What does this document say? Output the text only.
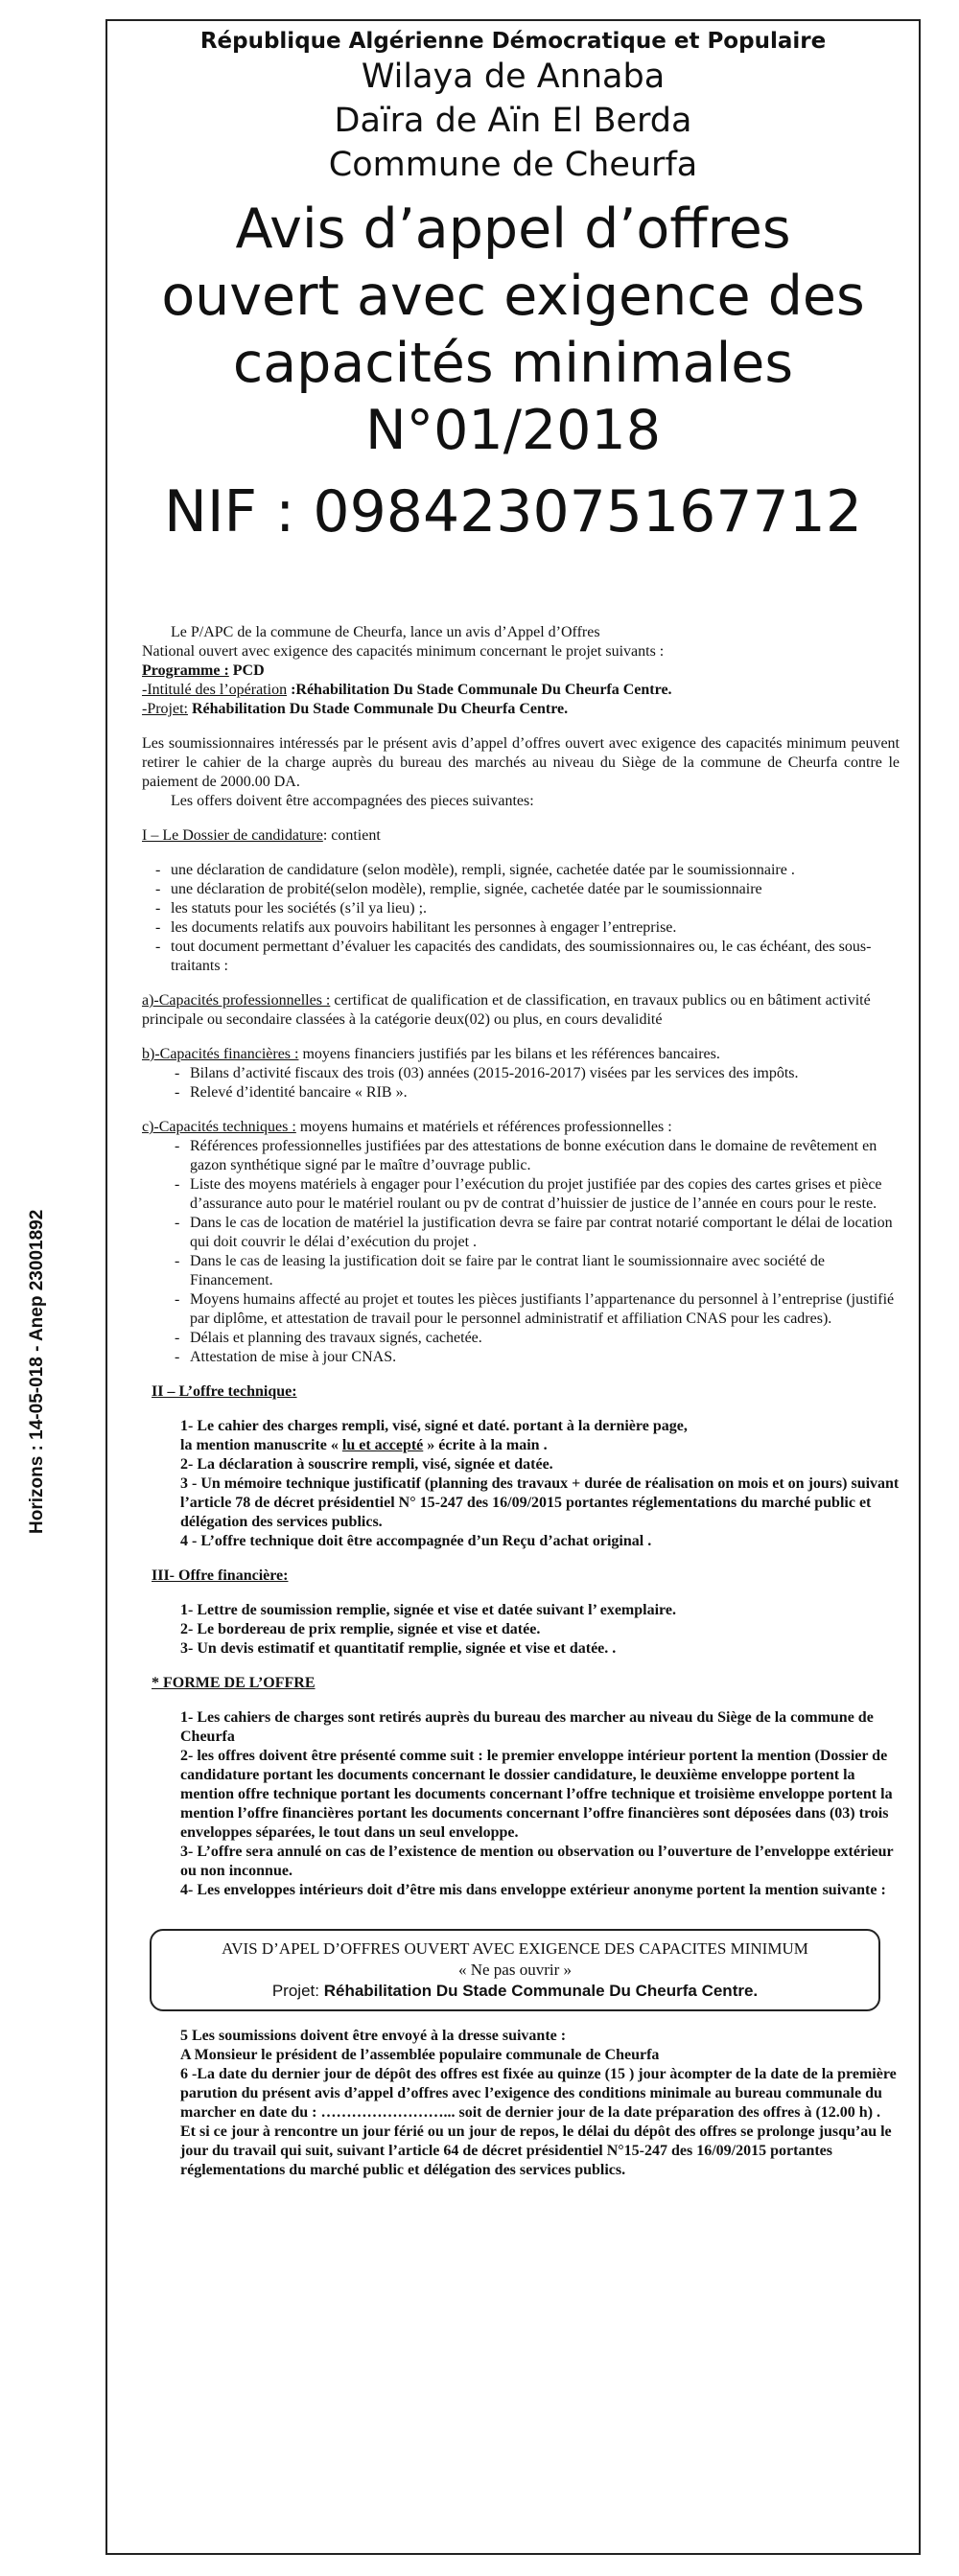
Horizons : 14-05-018 - Anep 23001892

République Algérienne Démocratique et Populaire

Wilaya de Annaba

Daïra de Aïn El Berda

Commune de Cheurfa

Avis d’appel d’offres

ouvert avec exigence des

capacités minimales

N°01/2018

NIF : 098423075167712

Le P/APC de la commune de Cheurfa, lance un avis d’Appel d’Offres

National ouvert avec exigence des capacités minimum concernant le projet suivants :

Programme : PCD

-Intitulé des l’opération :Réhabilitation Du Stade Communale Du Cheurfa Centre.

-Projet: Réhabilitation Du Stade Communale Du Cheurfa Centre.

Les soumissionnaires intéressés par le présent avis d’appel d’offres ouvert avec exigence des capacités minimum peuvent retirer le cahier de la charge auprès du bureau des marchés au niveau du Siège de la commune de Cheurfa contre le paiement de 2000.00 DA.

Les offers doivent être accompagnées des pieces suivantes:

I – Le Dossier de candidature: contient

- une déclaration de candidature (selon modèle), rempli, signée, cachetée datée par le soumissionnaire .
- une déclaration de probité(selon modèle), remplie, signée, cachetée datée par le soumissionnaire
- les statuts pour les sociétés (s’il ya lieu) ;.
- les documents relatifs aux pouvoirs habilitant les personnes à engager l’entreprise.
- tout document permettant d’évaluer les capacités des candidats, des soumissionnaires ou, le cas échéant, des sous-traitants :

a)-Capacités professionnelles : certificat de qualification et de classification, en travaux publics ou en bâtiment activité principale ou secondaire classées à la catégorie deux(02) ou plus, en cours devalidité

b)-Capacités financières : moyens financiers justifiés par les bilans et les références bancaires.

- Bilans d’activité fiscaux des trois (03) années (2015-2016-2017) visées par les services des impôts.
- Relevé d’identité bancaire « RIB ».

c)-Capacités techniques : moyens humains et matériels et références professionnelles :

- Références professionnelles justifiées par des attestations de bonne exécution dans le domaine de revêtement en gazon synthétique signé par le maître d’ouvrage public.
- Liste des moyens matériels à engager pour l’exécution du projet justifiée par des copies des cartes grises et pièce d’assurance auto pour le matériel roulant ou pv de contrat d’huissier de justice de l’année en cours pour le reste.
- Dans le cas de location de matériel la justification devra se faire par contrat notarié comportant le délai de location qui doit couvrir le délai d’exécution du projet .
- Dans le cas de leasing la justification doit se faire par le contrat liant le soumissionnaire avec société de Financement.
- Moyens humains affecté au projet et toutes les pièces justifiants l’appartenance du personnel à l’entreprise (justifié par diplôme, et attestation de travail pour le personnel administratif et affiliation CNAS pour les cadres).
- Délais et planning des travaux signés, cachetée.
- Attestation de mise à jour CNAS.

II – L’offre technique:

1- Le cahier des charges rempli, visé, signé et daté. portant à la dernière page,

la mention manuscrite « lu et accepté » écrite à la main .

2- La déclaration à souscrire rempli, visé, signée et datée.

3 - Un mémoire technique justificatif (planning des travaux + durée de réalisation on mois et on jours) suivant l’article 78 de décret présidentiel N° 15-247 des 16/09/2015 portantes réglementations du marché public et délégation des services publics.

4 - L’offre technique doit être accompagnée d’un Reçu d’achat original .

III- Offre financière:

1- Lettre de soumission remplie, signée et vise et datée suivant l’ exemplaire.

2- Le bordereau de prix remplie, signée et vise et datée.

3- Un devis estimatif et quantitatif remplie, signée et vise et datée. .

* FORME DE L’OFFRE

1- Les cahiers de charges sont retirés auprès du bureau des marcher au niveau du Siège de la commune de Cheurfa

2- les offres doivent être présenté comme suit : le premier enveloppe intérieur portent la mention (Dossier de candidature portant les documents concernant le dossier candidature, le deuxième enveloppe portent la mention offre technique portant les documents concernant l’offre technique et troisième enveloppe portent la mention l’offre financières portant les documents concernant l’offre financières sont déposées dans (03) trois enveloppes séparées, le tout dans un seul enveloppe.

3- L’offre sera annulé on cas de l’existence de mention ou observation ou l’ouverture de l’enveloppe extérieur ou non inconnue.

4- Les enveloppes intérieurs doit d’être mis dans enveloppe extérieur anonyme portent la mention suivante :

AVIS D’APEL D’OFFRES OUVERT AVEC EXIGENCE DES CAPACITES MINIMUM

« Ne pas ouvrir »

Projet: Réhabilitation Du Stade Communale Du Cheurfa Centre.

5 Les soumissions doivent être envoyé à la dresse suivante :

A Monsieur le président de l’assemblée populaire communale de Cheurfa

6 -La date du dernier jour de dépôt des offres est fixée au quinze (15 ) jour àcompter de la date de la première parution du présent avis d’appel d’offres avec l’exigence des conditions minimale au bureau communale du marcher en date du : ……………………... soit de dernier jour de la date préparation des offres à (12.00 h) .

Et si ce jour à rencontre un jour férié ou un jour de repos, le délai du dépôt des offres se prolonge jusqu’au le jour du travail qui suit, suivant l’article 64 de décret présidentiel N°15-247 des 16/09/2015 portantes réglementations du marché public et délégation des services publics.
